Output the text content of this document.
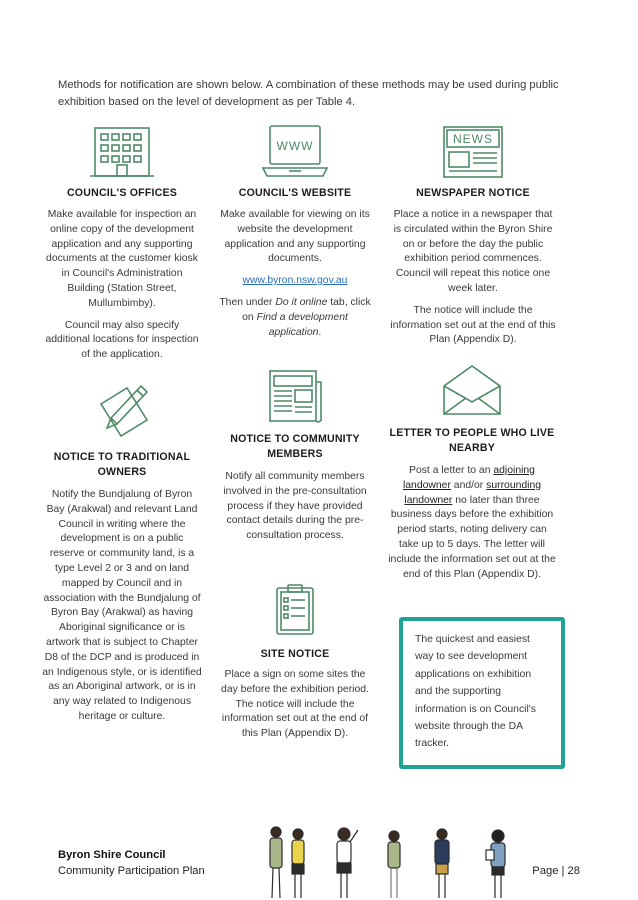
Methods for notification are shown below. A combination of these methods may be used during public exhibition based on the level of development as per Table 4.

COUNCIL'S OFFICES

Make available for inspection an online copy of the development application and any supporting documents at the customer kiosk in Council's Administration Building (Station Street, Mullumbimby).

Council may also specify additional locations for inspection of the application.

WWW
COUNCIL'S WEBSITE

Make available for viewing on its website the development application and any supporting documents.

www.byron.nsw.gov.au

Then under Do it online tab, click on Find a development application.

NEWS
NEWSPAPER NOTICE

Place a notice in a newspaper that is circulated within the Byron Shire on or before the day the public exhibition period commences. Council will repeat this notice one week later.

The notice will include the information set out at the end of this Plan (Appendix D).

NOTICE TO TRADITIONAL OWNERS

Notify the Bundjalung of Byron Bay (Arakwal) and relevant Land Council in writing where the development is on a public reserve or community land, is a type Level 2 or 3 and on land mapped by Council and in association with the Bundjalung of Byron Bay (Arakwal) as having Aboriginal significance or is artwork that is subject to Chapter D8 of the DCP and is produced in an Indigenous style, or is identified as an Aboriginal artwork, or is in any way related to Indigenous heritage or culture.

NOTICE TO COMMUNITY MEMBERS

Notify all community members involved in the pre-consultation process if they have provided contact details during the pre-consultation process.

LETTER TO PEOPLE WHO LIVE NEARBY

Post a letter to an adjoining landowner and/or surrounding landowner no later than three business days before the exhibition period starts, noting delivery can take up to 5 days. The letter will include the information set out at the end of this Plan (Appendix D).

SITE NOTICE

Place a sign on some sites the day before the exhibition period. The notice will include the information set out at the end of this Plan (Appendix D).

The quickest and easiest way to see development applications on exhibition and the supporting information is on Council's website through the DA tracker.
Byron Shire Council
Community Participation Plan	Page | 28
